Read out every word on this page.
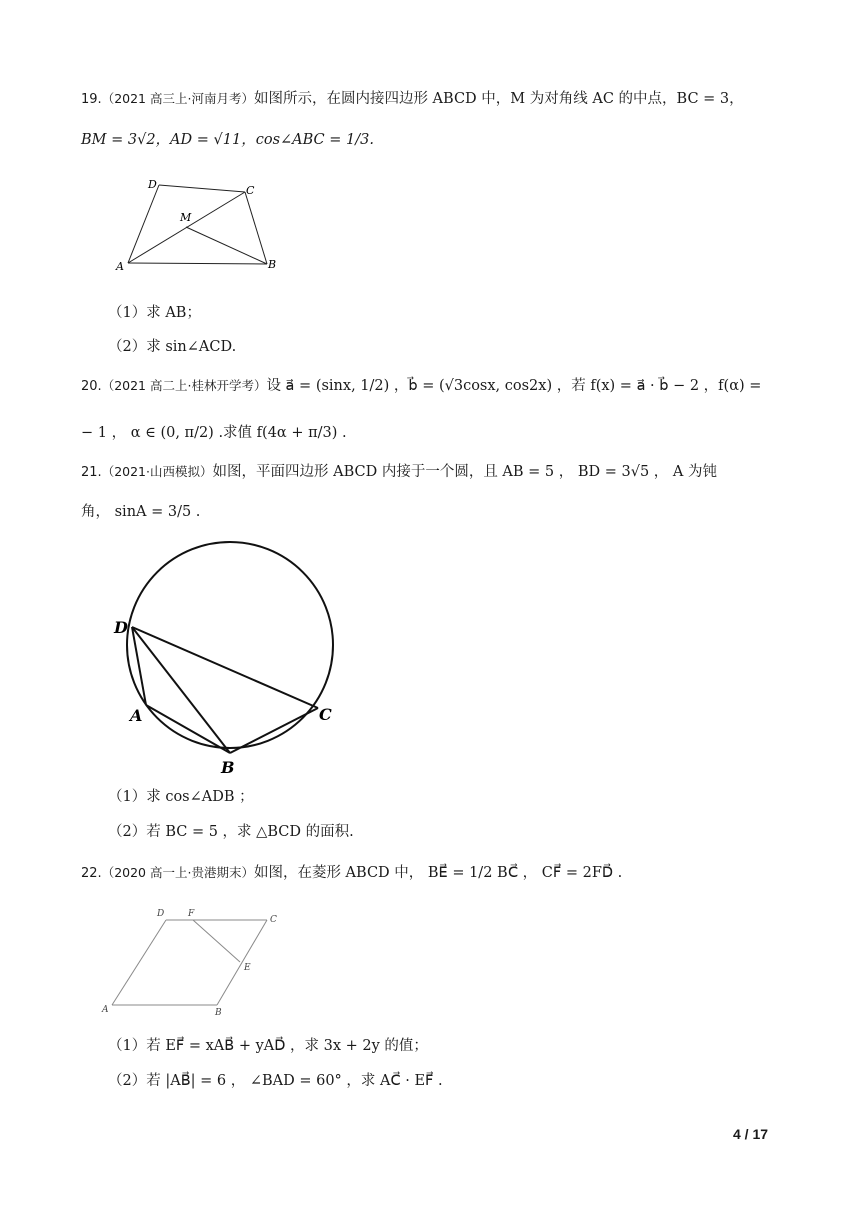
19.（2021 高三上·河南月考）如图所示，在圆内接四边形 ABCD 中，M 为对角线 AC 的中点，BC = 3，
BM = 3√2，AD = √11，cos∠ABC = 1/3.
D	C
M
A	B
（1）求 AB；
（2）求 sin∠ACD.
20.（2021 高二上·桂林开学考）设 a⃗ = (sinx, 1/2) ，b⃗ = (√3cosx, cos2x) ，若 f(x) = a⃗ · b⃗ − 2 ，f(α) =
− 1 ， α ∈ (0, π/2) .求值 f(4α + π/3) .
21.（2021·山西模拟）如图，平面四边形 ABCD 内接于一个圆，且 AB = 5 ， BD = 3√5 ， A 为钝
角， sinA = 3/5 .
D
A
B
C
（1）求 cos∠ADB ；
（2）若 BC = 5 ，求 △BCD 的面积.
22.（2020 高一上·贵港期末）如图，在菱形 ABCD 中， BE⃗ = 1/2 BC⃗ ， CF⃗ = 2FD⃗ .
D	F
C
E
A	B
（1）若 EF⃗ = xAB⃗ + yAD⃗ ，求 3x + 2y 的值；
（2）若 |AB⃗| = 6 ， ∠BAD = 60° ，求 AC⃗ · EF⃗ .
4 / 17
